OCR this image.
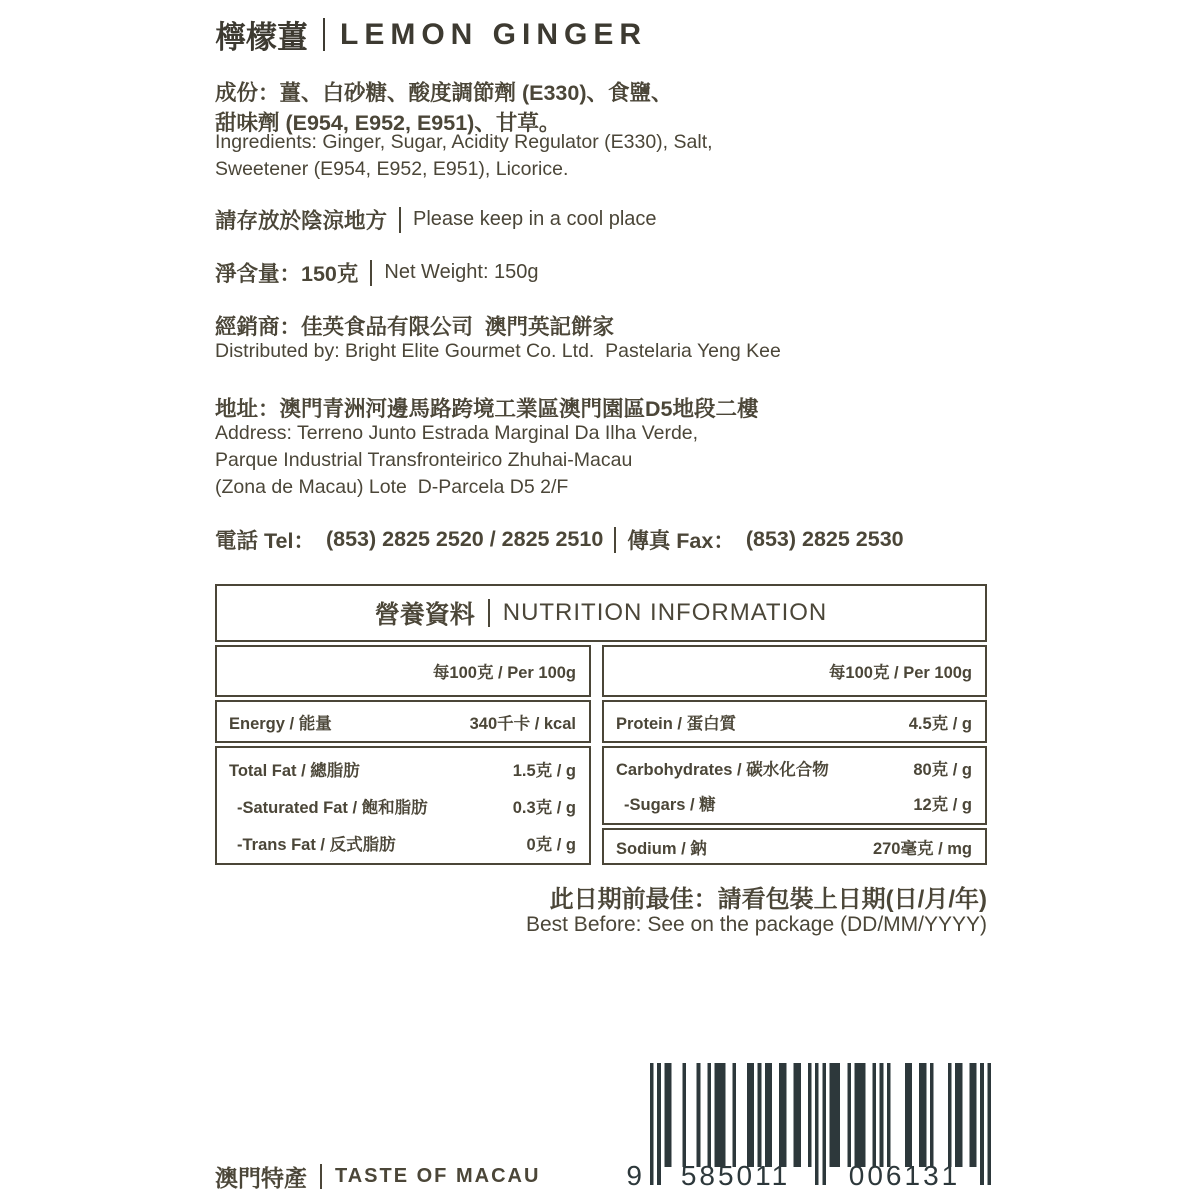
檸檬薑 LEMON GINGER
成份：薑、白砂糖、酸度調節劑 (E330)、食鹽、
甜味劑 (E954, E952, E951)、甘草。
Ingredients: Ginger, Sugar, Acidity Regulator (E330), Salt,
Sweetener (E954, E952, E951), Licorice.
請存放於陰涼地方 Please keep in a cool place
淨含量：150克 Net Weight: 150g
經銷商：佳英食品有限公司  澳門英記餅家
Distributed by: Bright Elite Gourmet Co. Ltd.  Pastelaria Yeng Kee
地址：澳門青洲河邊馬路跨境工業區澳門園區D5地段二樓
Address: Terreno Junto Estrada Marginal Da Ilha Verde,
Parque Industrial Transfronteirico Zhuhai-Macau
(Zona de Macau) Lote  D-Parcela D5 2/F
電話 Tel： (853) 2825 2520 / 2825 2510 傳真 Fax： (853) 2825 2530
營養資料 NUTRITION INFORMATION
每100克 / Per 100g
Energy / 能量	340千卡 / kcal
Total Fat / 總脂肪	1.5克 / g
-Saturated Fat / 飽和脂肪	0.3克 / g
-Trans Fat / 反式脂肪	0克 / g
每100克 / Per 100g
Protein / 蛋白質	4.5克 / g
Carbohydrates / 碳水化合物	80克 / g
-Sugars / 糖	12克 / g
Sodium / 鈉	270毫克 / mg
此日期前最佳：請看包裝上日期(日/月/年)
Best Before: See on the package (DD/MM/YYYY)
9	585011	006131
澳門特產 TASTE OF MACAU
